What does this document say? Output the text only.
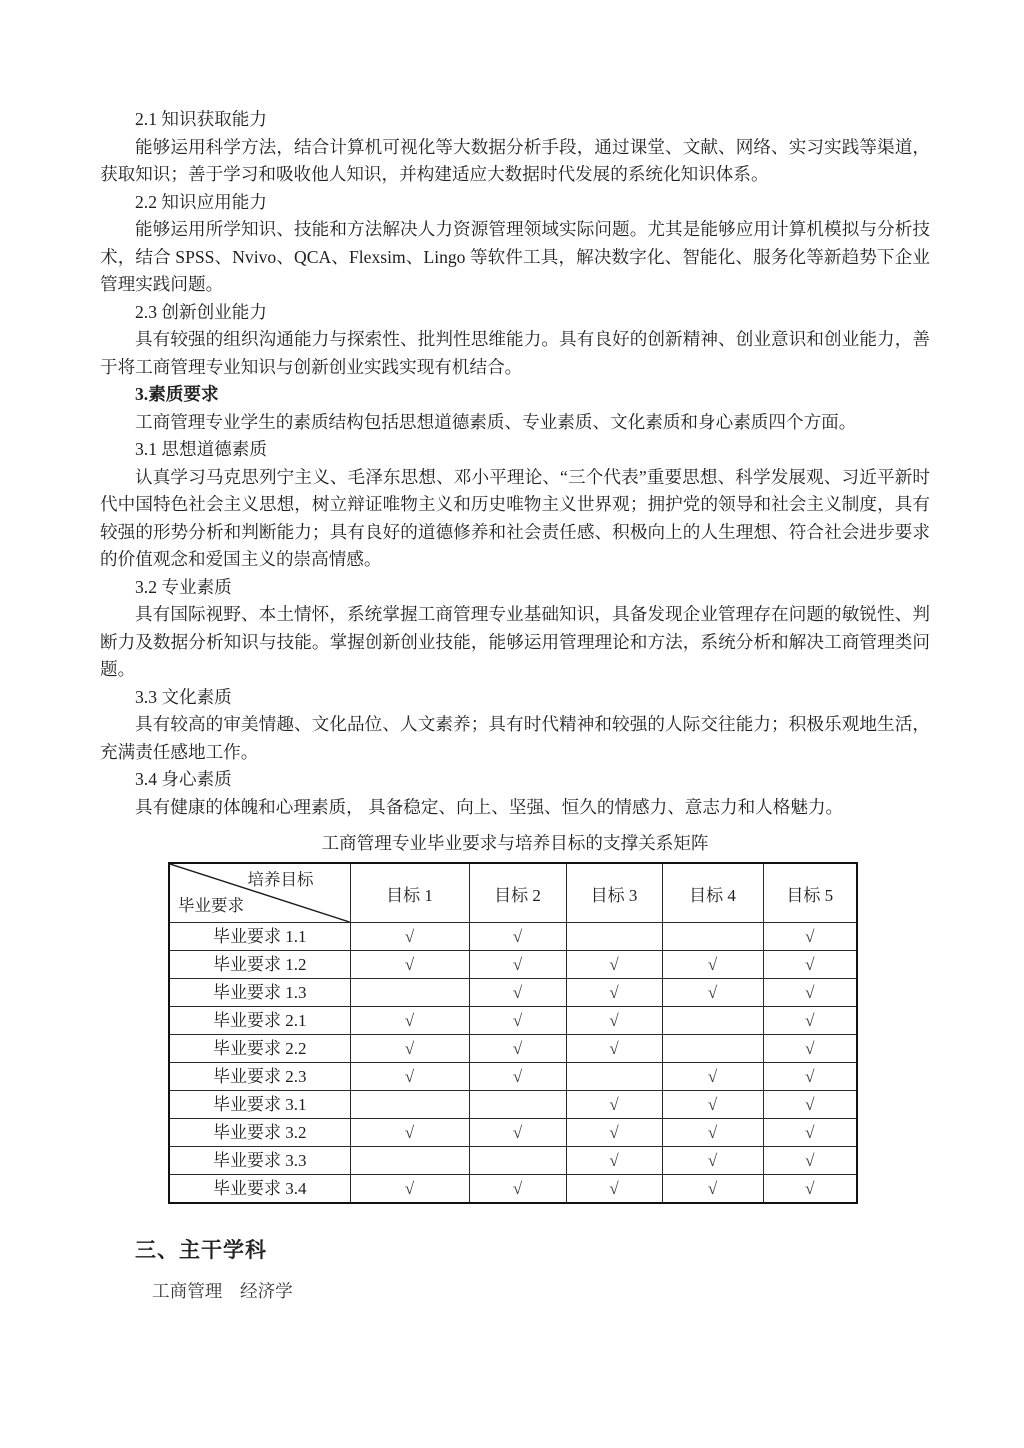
2.1 知识获取能力

能够运用科学方法，结合计算机可视化等大数据分析手段，通过课堂、文献、网络、实习实践等渠道，获取知识；善于学习和吸收他人知识，并构建适应大数据时代发展的系统化知识体系。

2.2 知识应用能力

能够运用所学知识、技能和方法解决人力资源管理领域实际问题。尤其是能够应用计算机模拟与分析技术，结合 SPSS、Nvivo、QCA、Flexsim、Lingo 等软件工具，解决数字化、智能化、服务化等新趋势下企业管理实践问题。

2.3 创新创业能力

具有较强的组织沟通能力与探索性、批判性思维能力。具有良好的创新精神、创业意识和创业能力，善于将工商管理专业知识与创新创业实践实现有机结合。

3.素质要求

工商管理专业学生的素质结构包括思想道德素质、专业素质、文化素质和身心素质四个方面。

3.1 思想道德素质

认真学习马克思列宁主义、毛泽东思想、邓小平理论、“三个代表”重要思想、科学发展观、习近平新时代中国特色社会主义思想，树立辩证唯物主义和历史唯物主义世界观；拥护党的领导和社会主义制度，具有较强的形势分析和判断能力；具有良好的道德修养和社会责任感、积极向上的人生理想、符合社会进步要求的价值观念和爱国主义的崇高情感。

3.2 专业素质

具有国际视野、本土情怀，系统掌握工商管理专业基础知识，具备发现企业管理存在问题的敏锐性、判断力及数据分析知识与技能。掌握创新创业技能，能够运用管理理论和方法，系统分析和解决工商管理类问题。

3.3 文化素质

具有较高的审美情趣、文化品位、人文素养；具有时代精神和较强的人际交往能力；积极乐观地生活，充满责任感地工作。

3.4 身心素质

具有健康的体魄和心理素质， 具备稳定、向上、坚强、恒久的情感力、意志力和人格魅力。

工商管理专业毕业要求与培养目标的支撑关系矩阵
培养目标
毕业要求	目标 1	目标 2	目标 3	目标 4	目标 5
毕业要求 1.1	√	√			√
毕业要求 1.2	√	√	√	√	√
毕业要求 1.3		√	√	√	√
毕业要求 2.1	√	√	√		√
毕业要求 2.2	√	√	√		√
毕业要求 2.3	√	√		√	√
毕业要求 3.1			√	√	√
毕业要求 3.2	√	√	√	√	√
毕业要求 3.3			√	√	√
毕业要求 3.4	√	√	√	√	√
三、主干学科
工商管理　经济学
